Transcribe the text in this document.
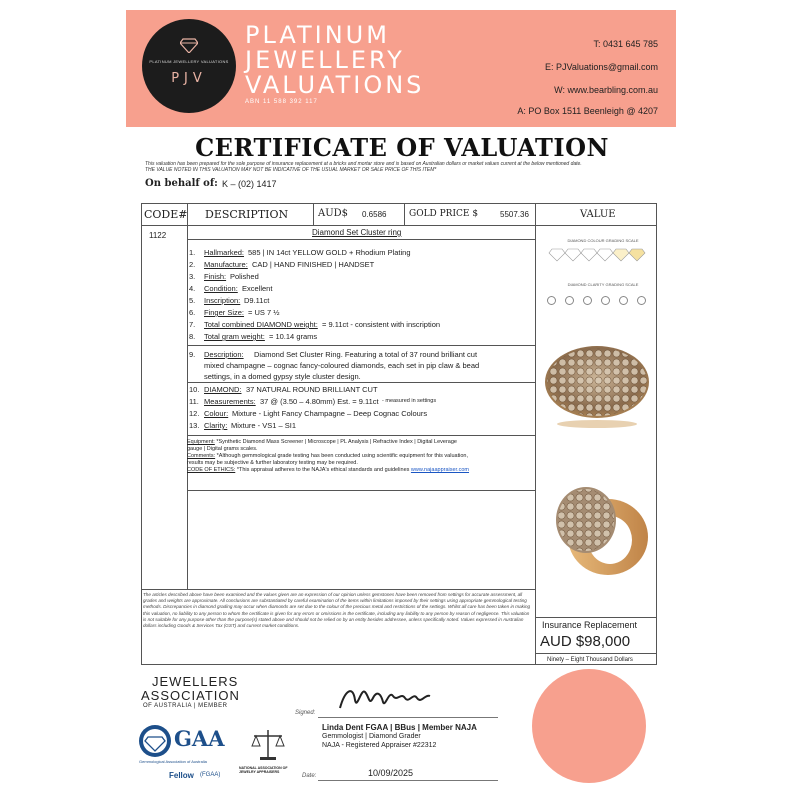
PLATINUM JEWELLERY VALUATIONS
PJV
PLATINUM
JEWELLERY
VALUATIONS
ABN 11 588 392 117
T: 0431 645 785
E: PJValuations@gmail.com
W: www.bearbling.com.au
A: PO Box 1511 Beenleigh @ 4207
CERTIFICATE OF VALUATION
This valuation has been prepared for the sole purpose of insurance replacement at a bricks and mortar store and is based on Australian dollars or market values current at the below mentioned date.
THE VALUE NOTED IN THIS VALUATION MAY NOT BE INDICATIVE OF THE USUAL MARKET OR SALE PRICE OF THIS ITEM*
On behalf of: K – (02) 1417
CODE# DESCRIPTION	AUD$ 0.6586	GOLD PRICE $	5507.36	VALUE
1122	Diamond Set Cluster ring
1. Hallmarked: 585 | IN 14ct YELLOW GOLD + Rhodium Plating
2. Manufacture: CAD | HAND FINISHED | HANDSET
3. Finish: Polished
4. Condition: Excellent
5. Inscription: D9.11ct
6. Finger Size: = US 7 ½
7. Total combined DIAMOND weight: = 9.11ct - consistent with inscription
8. Total gram weight: = 10.14 grams
9. Description: Diamond Set Cluster Ring. Featuring a total of 37 round brilliant cut
mixed champagne – cognac fancy-coloured diamonds, each set in pip claw & bead
settings, in a domed gypsy style cluster design.
10. DIAMOND: 37 NATURAL ROUND BRILLIANT CUT
11. Measurements: 37 @ (3.50 – 4.80mm) Est. = 9.11ct - measured in settings
12. Colour: Mixture - Light Fancy Champagne – Deep Cognac Colours
13. Clarity: Mixture - VS1 – SI1
Equipment: *Synthetic Diamond Mass Screener | Microscope | PL Analysis | Refractive Index | Digital Leverage
gauge | Digital grams scales.
Comments: *Although gemmological grade testing has been conducted using scientific equipment for this valuation,
results may be subjective & further laboratory testing may be required.
CODE OF ETHICS: *This appraisal adheres to the NAJA's ethical standards and guidelines www.najaappraiser.com
DIAMOND COLOUR GRADING SCALE
DIAMOND CLARITY GRADING SCALE
The articles described above have been examined and the values given are an expression of our opinion unless gemstones have been removed from settings for accurate assessment, all grades and weights are approximate. All conclusions are substantiated by careful examination of the items within limitations imposed by their settings using appropriate gemmological testing methods. Discrepancies in diamond grading may occur when diamonds are set due to the colour of the precious metal and restrictions of the settings. Whilst all care has been taken in making this valuation, no liability to any person to whom the certificate is given for any errors or omissions in the certificate, including any liability to any person by reason of negligence. This valuation is not suitable for any purpose other than the purpose(s) stated above and should not be relied on by an entity besides addressee, unless specifically noted. Values expressed in Australian dollars including Goods & Services Tax (GST) and current market conditions.	Insurance Replacement
AUD $98,000
Ninety – Eight Thousand Dollars
JEWELLERS
ASSOCIATION
OF AUSTRALIA | MEMBER
GAA
Gemmological Association of Australia
Fellow (FGAA)
NATIONAL ASSOCIATION OF JEWELRY APPRAISERS
Signed:
Linda Dent FGAA | BBus | Member NAJA
Gemmologist | Diamond Grader
NAJA - Registered Appraiser #22312
Date:	10/09/2025
